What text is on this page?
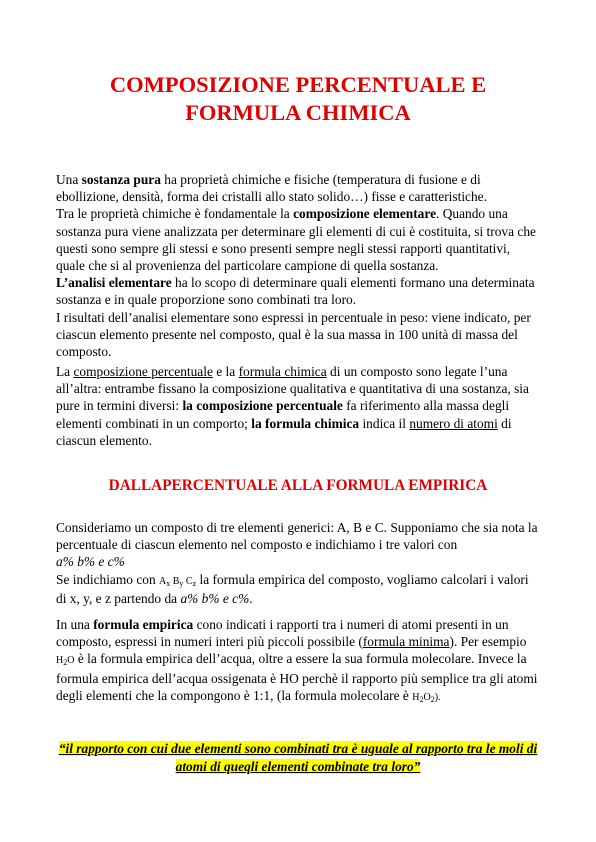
COMPOSIZIONE PERCENTUALE E
FORMULA CHIMICA

Una sostanza pura ha proprietà chimiche e fisiche (temperatura di fusione e di ebollizione, densità, forma dei cristalli allo stato solido…) fisse e caratteristiche.
Tra le proprietà chimiche è fondamentale la composizione elementare. Quando una sostanza pura viene analizzata per determinare gli elementi di cui è costituita, si trova che questi sono sempre gli stessi e sono presenti sempre negli stessi rapporti quantitativi, quale che si al provenienza del particolare campione di quella sostanza.
L’analisi elementare ha lo scopo di determinare quali elementi formano una determinata sostanza e in quale proporzione sono combinati tra loro.
I risultati dell’analisi elementare sono espressi in percentuale in peso: viene indicato, per ciascun elemento presente nel composto, qual è la sua massa in 100 unità di massa del composto.

La composizione percentuale e la formula chimica di un composto sono legate l’una all’altra: entrambe fissano la composizione qualitativa e quantitativa di una sostanza, sia pure in termini diversi: la composizione percentuale fa riferimento alla massa degli elementi combinati in un comporto; la formula chimica indica il numero di atomi di ciascun elemento.

DALLAPERCENTUALE ALLA FORMULA EMPIRICA

Consideriamo un composto di tre elementi generici: A, B e C. Supponiamo che sia nota la percentuale di ciascun elemento nel composto e indichiamo i tre valori con
a% b% e c%
Se indichiamo con Ax By Cz la formula empirica del composto, vogliamo calcolari i valori di x, y, e z partendo da a% b% e c%.

In una formula empirica cono indicati i rapporti tra i numeri di atomi presenti in un composto, espressi in numeri interi più piccoli possibile (formula minima). Per esempio H2O è la formula empirica dell’acqua, oltre a essere la sua formula molecolare. Invece la formula empirica dell’acqua ossigenata è HO perchè il rapporto più semplice tra gli atomi degli elementi che la compongono è 1:1, (la formula molecolare è H2O2).

“il rapporto con cui due elementi sono combinati tra è uguale al rapporto tra le moli di atomi di queqli elementi combinate tra loro”
